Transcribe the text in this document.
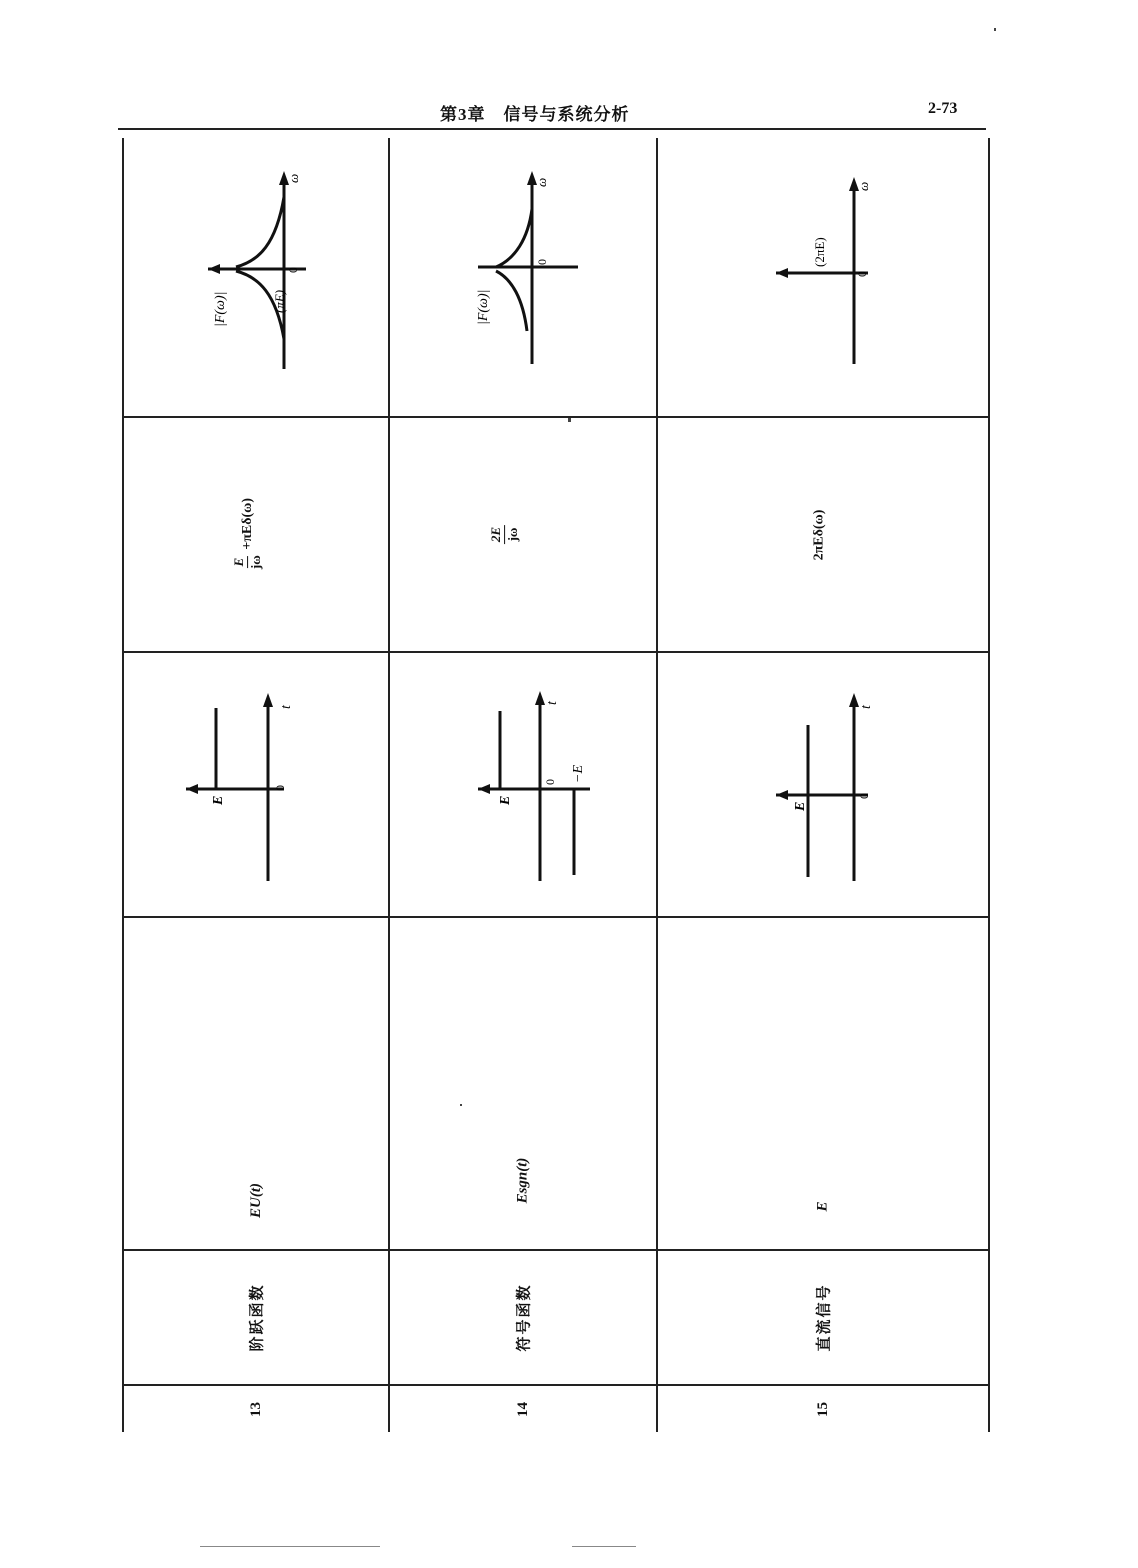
第3章　信号与系统分析	2-73
ω
0
|F(ω)|	(πE)
E jω
+πEδ(ω)
t
0
E
EU(t)
阶跃函数
13
ω
0
|F(ω)|
2E jω
t
0
E
−E
Esgn(t)
符号函数
14
ω
0
(2πE)
2πEδ(ω)
t
0
E
E
直流信号
15
